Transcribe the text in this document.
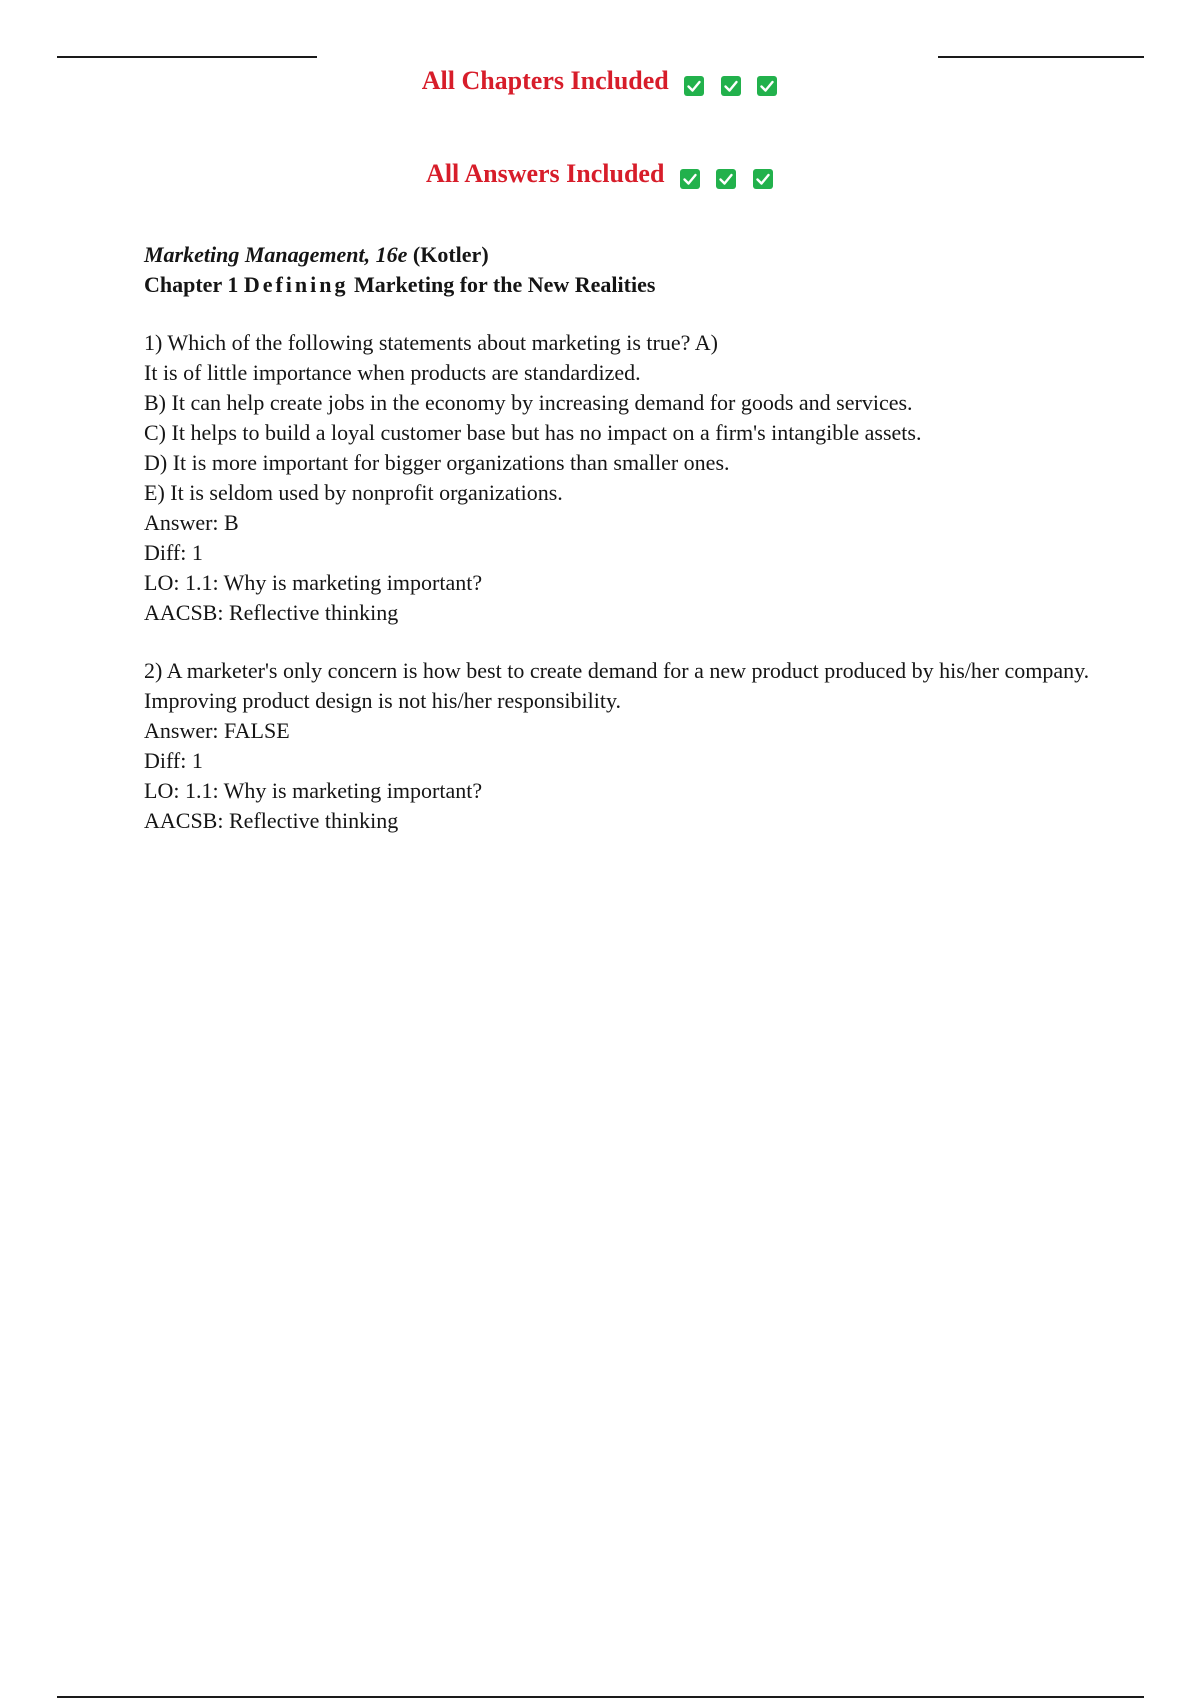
All Chapters Included

All Answers Included

Marketing Management, 16e (Kotler)
Chapter 1 Defining Marketing for the New Realities
1) Which of the following statements about marketing is true? A)
It is of little importance when products are standardized.
B) It can help create jobs in the economy by increasing demand for goods and services.
C) It helps to build a loyal customer base but has no impact on a firm's intangible assets.
D) It is more important for bigger organizations than smaller ones.
E) It is seldom used by nonprofit organizations.
Answer: B
Diff: 1
LO: 1.1: Why is marketing important?
AACSB: Reflective thinking
2) A marketer's only concern is how best to create demand for a new product produced by his/her company. Improving product design is not his/her responsibility.
Answer: FALSE
Diff: 1
LO: 1.1: Why is marketing important?
AACSB: Reflective thinking
